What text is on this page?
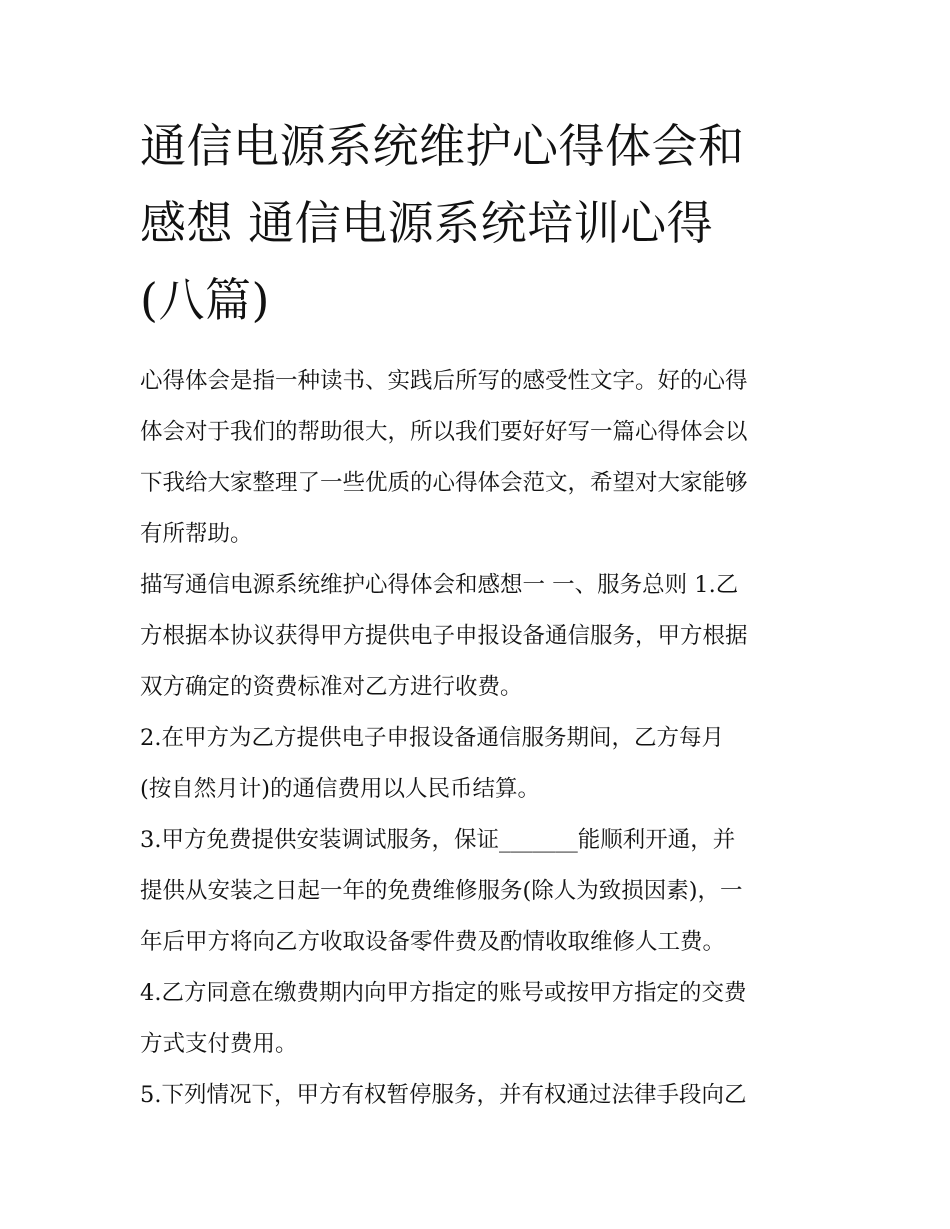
通信电源系统维护心得体会和
感想 通信电源系统培训心得
(八篇)

心得体会是指一种读书、实践后所写的感受性文字。好的心得
体会对于我们的帮助很大，所以我们要好好写一篇心得体会以
下我给大家整理了一些优质的心得体会范文，希望对大家能够
有所帮助。

描写通信电源系统维护心得体会和感想一 一、服务总则 1.乙
方根据本协议获得甲方提供电子申报设备通信服务，甲方根据
双方确定的资费标准对乙方进行收费。

2.在甲方为乙方提供电子申报设备通信服务期间，乙方每月
(按自然月计)的通信费用以人民币结算。

3.甲方免费提供安装调试服务，保证_______能顺利开通，并
提供从安装之日起一年的免费维修服务(除人为致损因素)，一
年后甲方将向乙方收取设备零件费及酌情收取维修人工费。

4.乙方同意在缴费期内向甲方指定的账号或按甲方指定的交费
方式支付费用。

5.下列情况下，甲方有权暂停服务，并有权通过法律手段向乙
